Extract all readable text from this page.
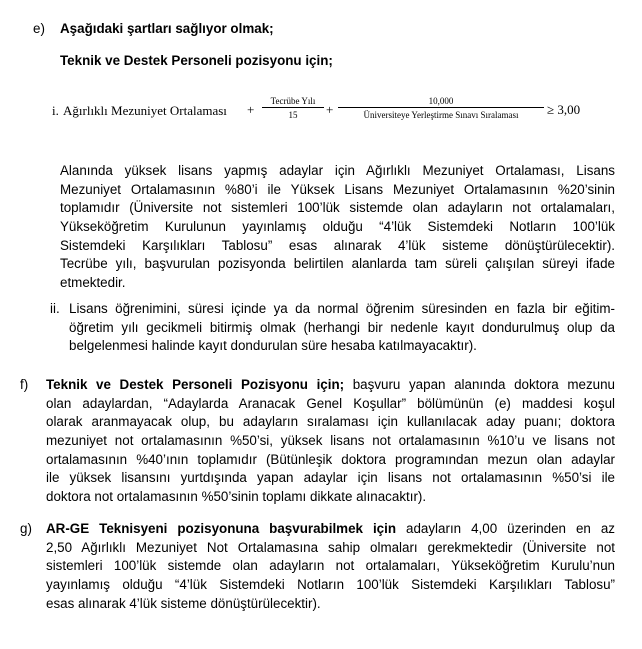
e) Aşağıdaki şartları sağlıyor olmak;
Teknik ve Destek Personeli pozisyonu için;
i. Ağırlıklı Mezuniyet Ortalaması +
Tecrübe Yılı
15	+
10,000
Üniversiteye Yerleştirme Sınavı Sıralaması	≥ 3,00
Alanında yüksek lisans yapmış adaylar için Ağırlıklı Mezuniyet Ortalaması, Lisans
Mezuniyet Ortalamasının %80’i ile Yüksek Lisans Mezuniyet Ortalamasının %20’sinin
toplamıdır (Üniversite not sistemleri 100’lük sistemde olan adayların not ortalamaları,
Yükseköğretim Kurulunun yayınlamış olduğu “4’lük Sistemdeki Notların 100’lük
Sistemdeki Karşılıkları Tablosu” esas alınarak 4’lük sisteme dönüştürülecektir).
Tecrübe yılı, başvurulan pozisyonda belirtilen alanlarda tam süreli çalışılan süreyi ifade
etmektedir.
ii. Lisans öğrenimini, süresi içinde ya da normal öğrenim süresinden en fazla bir eğitim-
öğretim yılı gecikmeli bitirmiş olmak (herhangi bir nedenle kayıt dondurulmuş olup da
belgelenmesi halinde kayıt dondurulan süre hesaba katılmayacaktır).
f) Teknik ve Destek Personeli Pozisyonu için; başvuru yapan alanında doktora mezunu
olan adaylardan, “Adaylarda Aranacak Genel Koşullar” bölümünün (e) maddesi koşul
olarak aranmayacak olup, bu adayların sıralaması için kullanılacak aday puanı; doktora
mezuniyet not ortalamasının %50’si, yüksek lisans not ortalamasının %10’u ve lisans not
ortalamasının %40’ının toplamıdır (Bütünleşik doktora programından mezun olan adaylar
ile yüksek lisansını yurtdışında yapan adaylar için lisans not ortalamasının %50’si ile
doktora not ortalamasının %50’sinin toplamı dikkate alınacaktır).
g) AR-GE Teknisyeni pozisyonuna başvurabilmek için adayların 4,00 üzerinden en az
2,50 Ağırlıklı Mezuniyet Not Ortalamasına sahip olmaları gerekmektedir (Üniversite not
sistemleri 100’lük sistemde olan adayların not ortalamaları, Yükseköğretim Kurulu’nun
yayınlamış olduğu “4’lük Sistemdeki Notların 100’lük Sistemdeki Karşılıkları Tablosu”
esas alınarak 4’lük sisteme dönüştürülecektir).
